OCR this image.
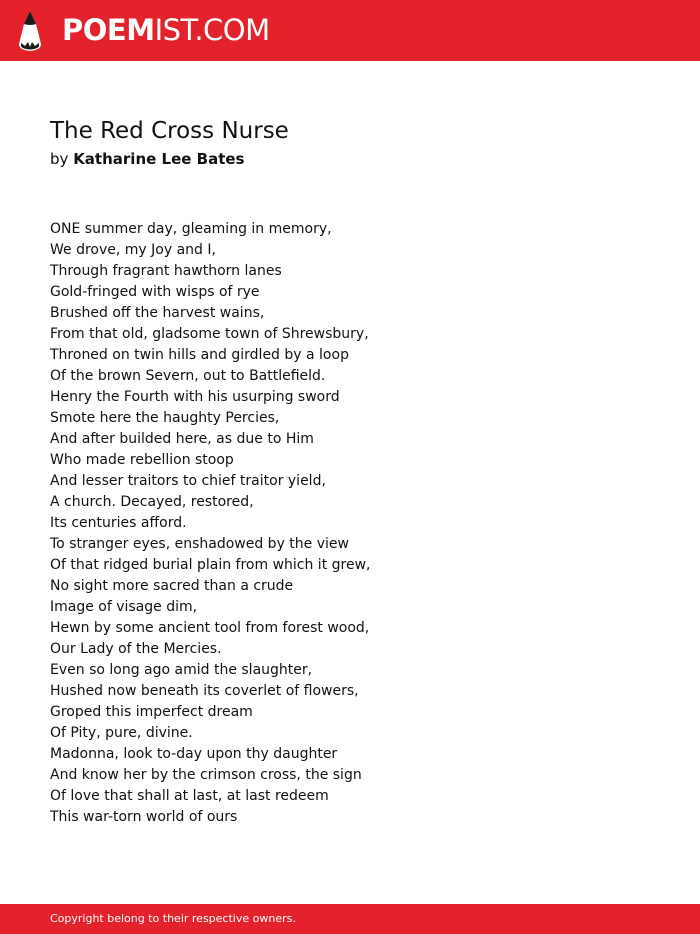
POEMIST.COM
The Red Cross Nurse
by Katharine Lee Bates
ONE summer day, gleaming in memory,
We drove, my Joy and I,
Through fragrant hawthorn lanes
Gold-fringed with wisps of rye
Brushed off the harvest wains,
From that old, gladsome town of Shrewsbury,
Throned on twin hills and girdled by a loop
Of the brown Severn, out to Battlefield.
Henry the Fourth with his usurping sword
Smote here the haughty Percies,
And after builded here, as due to Him
Who made rebellion stoop
And lesser traitors to chief traitor yield,
A church. Decayed, restored,
Its centuries afford.
To stranger eyes, enshadowed by the view
Of that ridged burial plain from which it grew,
No sight more sacred than a crude
Image of visage dim,
Hewn by some ancient tool from forest wood,
Our Lady of the Mercies.
Even so long ago amid the slaughter,
Hushed now beneath its coverlet of flowers,
Groped this imperfect dream
Of Pity, pure, divine.
Madonna, look to-day upon thy daughter
And know her by the crimson cross, the sign
Of love that shall at last, at last redeem
This war-torn world of ours
Copyright belong to their respective owners.
